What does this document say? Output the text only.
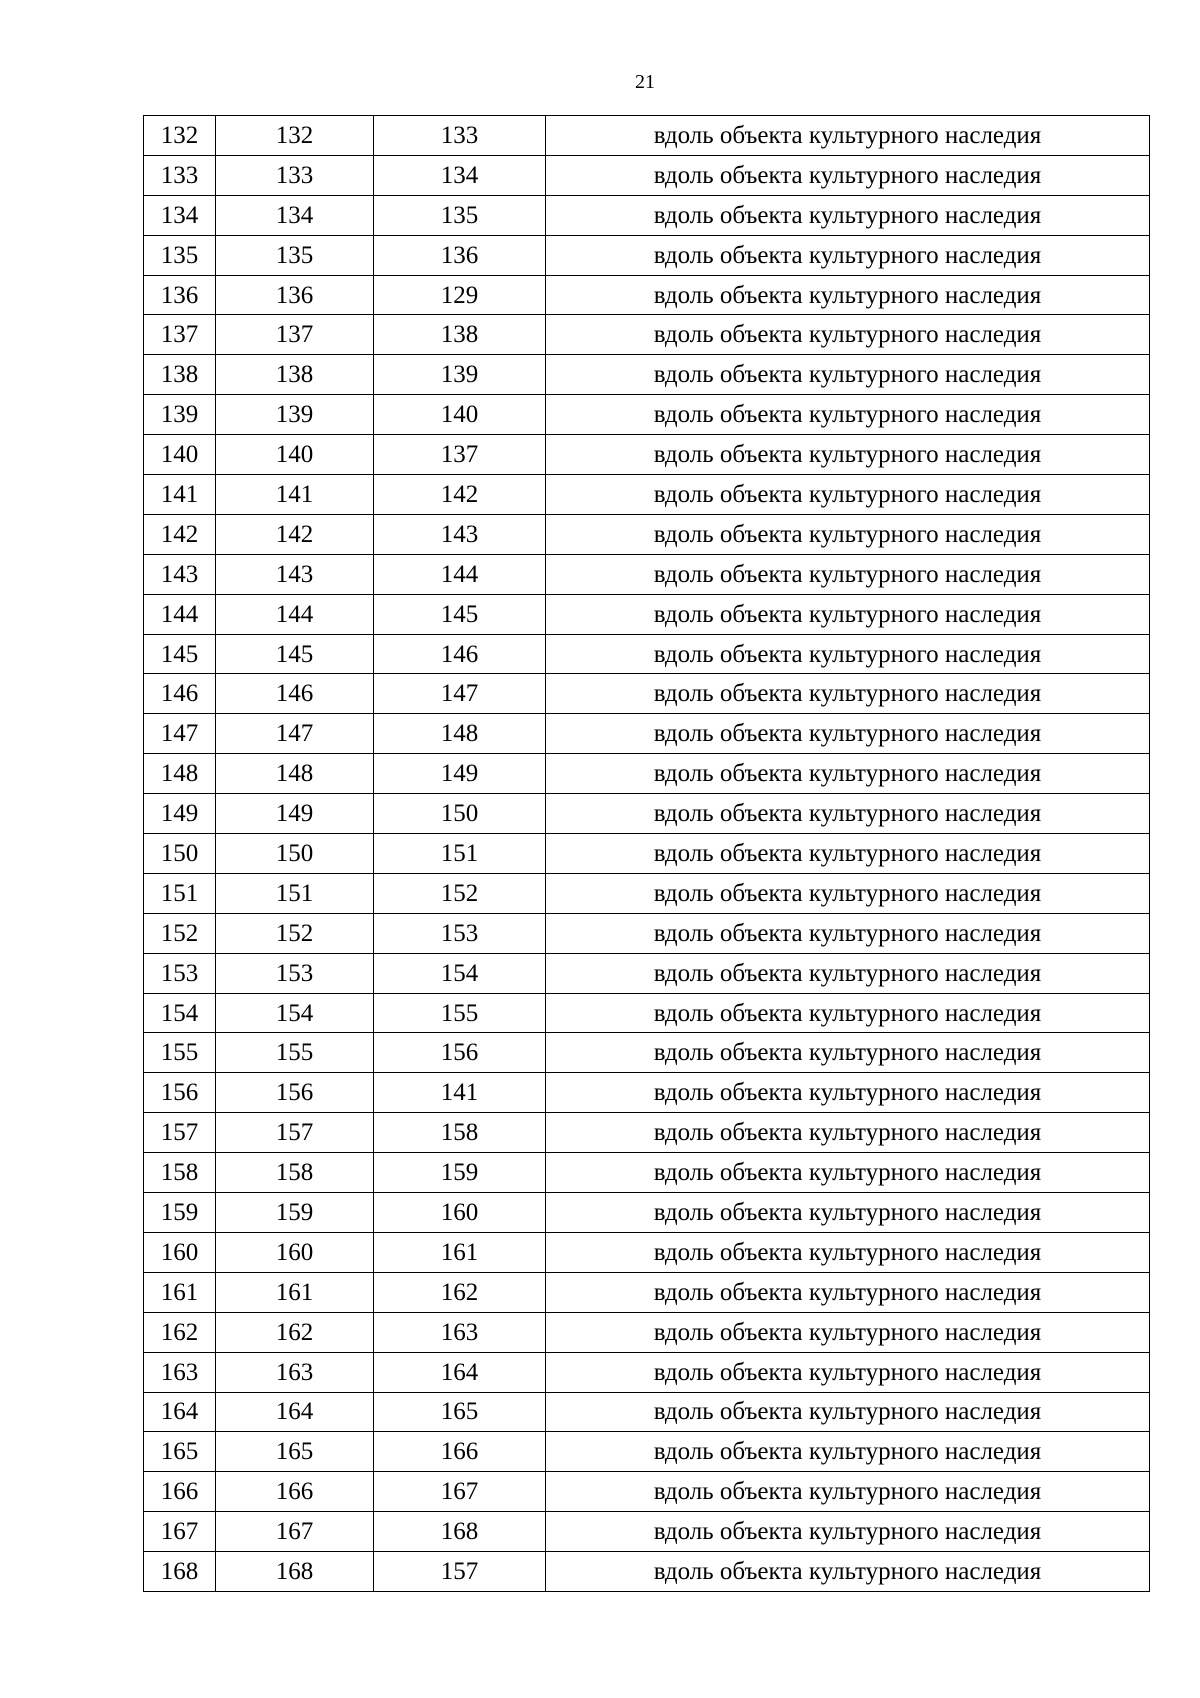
21
132	132	133	вдоль объекта культурного наследия
133	133	134	вдоль объекта культурного наследия
134	134	135	вдоль объекта культурного наследия
135	135	136	вдоль объекта культурного наследия
136	136	129	вдоль объекта культурного наследия
137	137	138	вдоль объекта культурного наследия
138	138	139	вдоль объекта культурного наследия
139	139	140	вдоль объекта культурного наследия
140	140	137	вдоль объекта культурного наследия
141	141	142	вдоль объекта культурного наследия
142	142	143	вдоль объекта культурного наследия
143	143	144	вдоль объекта культурного наследия
144	144	145	вдоль объекта культурного наследия
145	145	146	вдоль объекта культурного наследия
146	146	147	вдоль объекта культурного наследия
147	147	148	вдоль объекта культурного наследия
148	148	149	вдоль объекта культурного наследия
149	149	150	вдоль объекта культурного наследия
150	150	151	вдоль объекта культурного наследия
151	151	152	вдоль объекта культурного наследия
152	152	153	вдоль объекта культурного наследия
153	153	154	вдоль объекта культурного наследия
154	154	155	вдоль объекта культурного наследия
155	155	156	вдоль объекта культурного наследия
156	156	141	вдоль объекта культурного наследия
157	157	158	вдоль объекта культурного наследия
158	158	159	вдоль объекта культурного наследия
159	159	160	вдоль объекта культурного наследия
160	160	161	вдоль объекта культурного наследия
161	161	162	вдоль объекта культурного наследия
162	162	163	вдоль объекта культурного наследия
163	163	164	вдоль объекта культурного наследия
164	164	165	вдоль объекта культурного наследия
165	165	166	вдоль объекта культурного наследия
166	166	167	вдоль объекта культурного наследия
167	167	168	вдоль объекта культурного наследия
168	168	157	вдоль объекта культурного наследия
